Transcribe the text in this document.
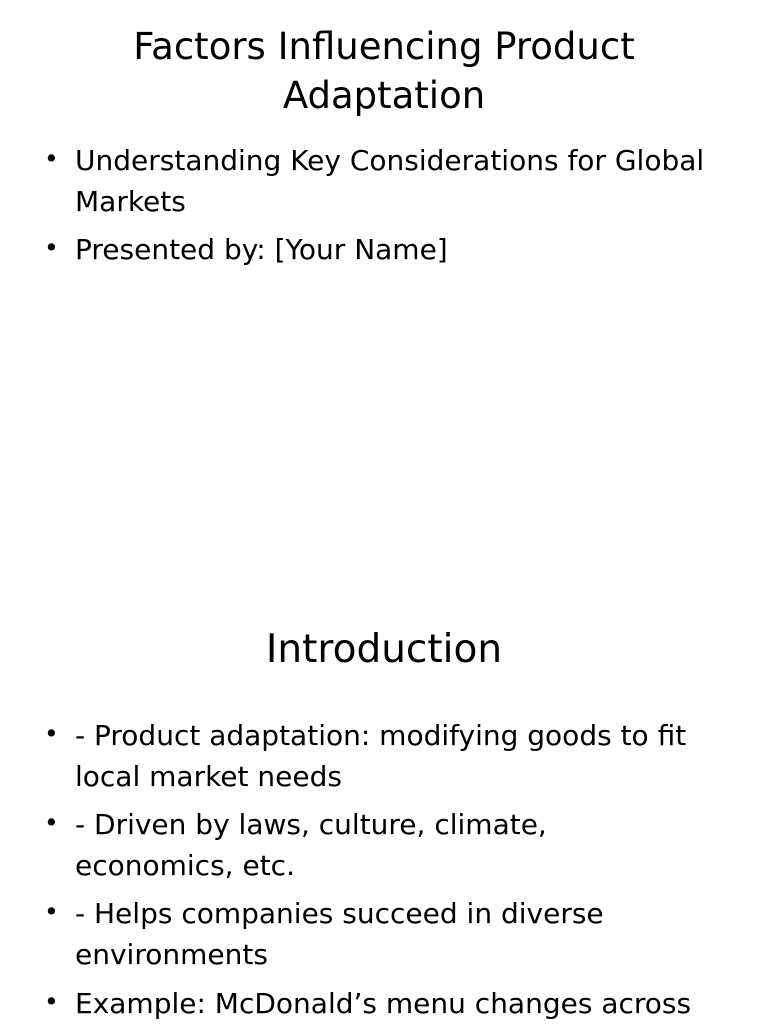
Factors Influencing Product Adaptation
• Understanding Key Considerations for Global Markets
• Presented by: [Your Name]
Introduction
• - Product adaptation: modifying goods to fit local market needs
• - Driven by laws, culture, climate, economics, etc.
• - Helps companies succeed in diverse environments
• Example: McDonald’s menu changes across
